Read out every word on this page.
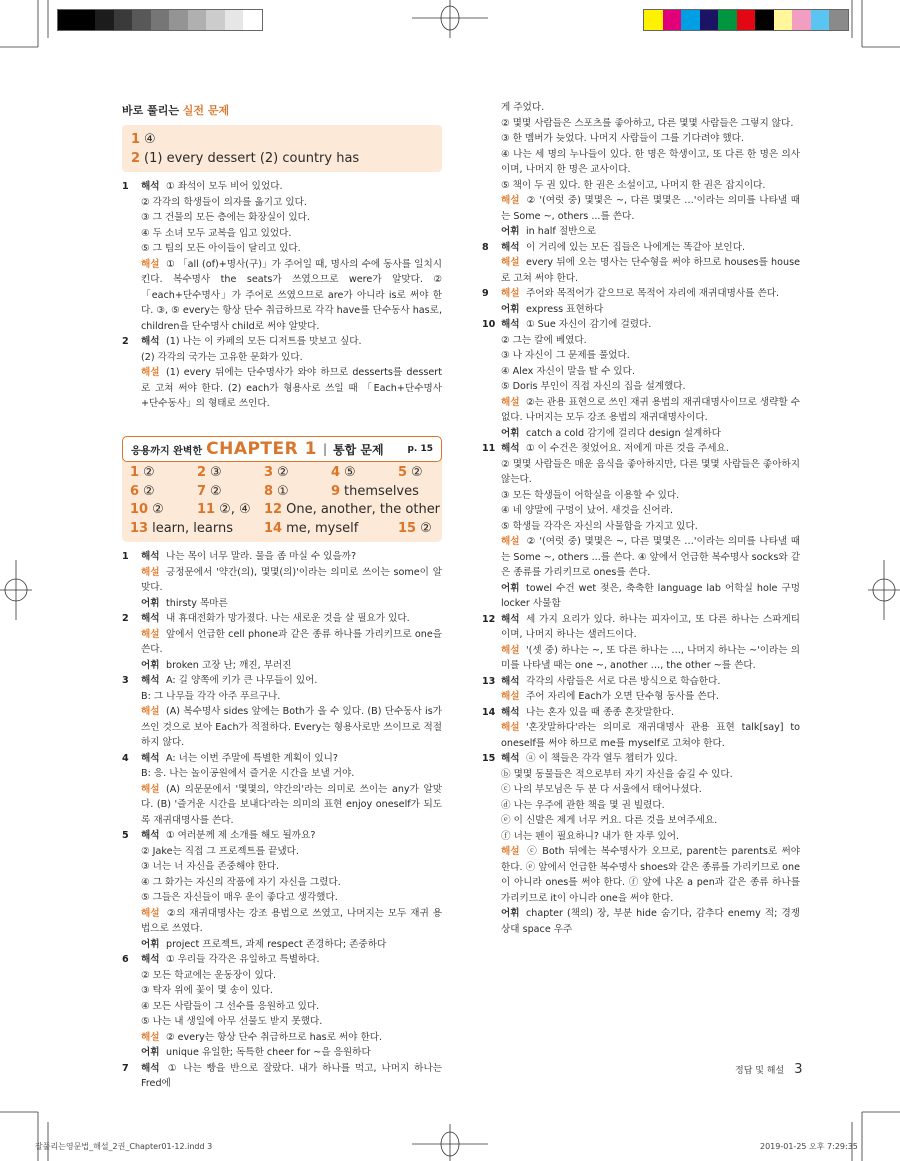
바로 풀리는 실전 문제
1 ④
2 (1) every dessert (2) country has
1	해석 ① 좌석이 모두 비어 있었다.
② 각각의 학생들이 의자를 옮기고 있다.
③ 그 건물의 모든 층에는 화장실이 있다.
④ 두 소녀 모두 교복을 입고 있었다.
⑤ 그 팀의 모든 아이들이 달리고 있다.
해설 ① 「all (of)+명사(구)」가 주어일 때, 명사의 수에 동사를 일치시킨다. 복수명사 the seats가 쓰였으므로 were가 알맞다. ② 「each+단수명사」가 주어로 쓰였으므로 are가 아니라 is로 써야 한다. ③, ⑤ every는 항상 단수 취급하므로 각각 have를 단수동사 has로, children을 단수명사 child로 써야 알맞다.
2	해석 (1) 나는 이 카페의 모든 디저트를 맛보고 싶다.
(2) 각각의 국가는 고유한 문화가 있다.
해설 (1) every 뒤에는 단수명사가 와야 하므로 desserts를 dessert로 고쳐 써야 한다. (2) each가 형용사로 쓰일 때 「Each+단수명사+단수동사」의 형태로 쓰인다.
응용까지 완벽한 CHAPTER 1 | 통합 문제	p. 15
1 ②	2 ③	3 ②	4 ⑤	5 ②
6 ②	7 ②	8 ①	9 themselves
10 ②	11 ②, ④	12 One, another, the other
13 learn, learns	14 me, myself	15 ②
1	해석 나는 목이 너무 말라. 물을 좀 마실 수 있을까?
해설 긍정문에서 '약간(의), 몇몇(의)'이라는 의미로 쓰이는 some이 알맞다.
어휘 thirsty 목마른
2	해석 내 휴대전화가 망가졌다. 나는 새로운 것을 살 필요가 있다.
해설 앞에서 언급한 cell phone과 같은 종류 하나를 가리키므로 one을 쓴다.
어휘 broken 고장 난; 깨진, 부러진
3	해석 A: 길 양쪽에 키가 큰 나무들이 있어.
B: 그 나무들 각각 아주 푸르구나.
해설 (A) 복수명사 sides 앞에는 Both가 올 수 있다. (B) 단수동사 is가 쓰인 것으로 보아 Each가 적절하다. Every는 형용사로만 쓰이므로 적절하지 않다.
4	해석 A: 너는 이번 주말에 특별한 계획이 있니?
B: 응. 나는 놀이공원에서 즐거운 시간을 보낼 거야.
해설 (A) 의문문에서 '몇몇의, 약간의'라는 의미로 쓰이는 any가 알맞다. (B) '즐거운 시간을 보내다'라는 의미의 표현 enjoy oneself가 되도록 재귀대명사를 쓴다.
5	해석 ① 여러분께 제 소개를 해도 될까요?
② Jake는 직접 그 프로젝트를 끝냈다.
③ 너는 너 자신을 존중해야 한다.
④ 그 화가는 자신의 작품에 자기 자신을 그렸다.
⑤ 그들은 자신들이 매우 운이 좋다고 생각했다.
해설 ②의 재귀대명사는 강조 용법으로 쓰였고, 나머지는 모두 재귀 용법으로 쓰였다.
어휘 project 프로젝트, 과제 respect 존경하다; 존중하다
6	해석 ① 우리들 각각은 유일하고 특별하다.
② 모든 학교에는 운동장이 있다.
③ 탁자 위에 꽃이 몇 송이 있다.
④ 모든 사람들이 그 선수를 응원하고 있다.
⑤ 나는 내 생일에 아무 선물도 받지 못했다.
해설 ② every는 항상 단수 취급하므로 has로 써야 한다.
어휘 unique 유일한; 독특한 cheer for ~을 응원하다
7	해석 ① 나는 빵을 반으로 잘랐다. 내가 하나를 먹고, 나머지 하나는 Fred에
게 주었다.
② 몇몇 사람들은 스포츠를 좋아하고, 다른 몇몇 사람들은 그렇지 않다.
③ 한 멤버가 늦었다. 나머지 사람들이 그를 기다려야 했다.
④ 나는 세 명의 누나들이 있다. 한 명은 학생이고, 또 다른 한 명은 의사이며, 나머지 한 명은 교사이다.
⑤ 책이 두 권 있다. 한 권은 소설이고, 나머지 한 권은 잡지이다.
해설 ② '(여럿 중) 몇몇은 ~, 다른 몇몇은 …'이라는 의미를 나타낼 때는 Some ~, others ...를 쓴다.
어휘 in half 절반으로
8	해석 이 거리에 있는 모든 집들은 나에게는 똑같아 보인다.
해설 every 뒤에 오는 명사는 단수형을 써야 하므로 houses를 house로 고쳐 써야 한다.
9	해설 주어와 목적어가 같으므로 목적어 자리에 재귀대명사를 쓴다.
어휘 express 표현하다
10 해석 ① Sue 자신이 감기에 걸렸다.
② 그는 칼에 베였다.
③ 나 자신이 그 문제를 풀었다.
④ Alex 자신이 말을 탈 수 있다.
⑤ Doris 부인이 직접 자신의 집을 설계했다.
해설 ②는 관용 표현으로 쓰인 재귀 용법의 재귀대명사이므로 생략할 수 없다. 나머지는 모두 강조 용법의 재귀대명사이다.
어휘 catch a cold 감기에 걸리다 design 설계하다
11 해석 ① 이 수건은 젖었어요. 저에게 마른 것을 주세요.
② 몇몇 사람들은 매운 음식을 좋아하지만, 다른 몇몇 사람들은 좋아하지 않는다.
③ 모든 학생들이 어학실을 이용할 수 있다.
④ 네 양말에 구멍이 났어. 새것을 신어라.
⑤ 학생들 각각은 자신의 사물함을 가지고 있다.
해설 ② '(여럿 중) 몇몇은 ~, 다른 몇몇은 …'이라는 의미를 나타낼 때는 Some ~, others ...를 쓴다. ④ 앞에서 언급한 복수명사 socks와 같은 종류를 가리키므로 ones를 쓴다.
어휘 towel 수건 wet 젖은, 축축한 language lab 어학실 hole 구멍 locker 사물함
12 해석 세 가지 요리가 있다. 하나는 피자이고, 또 다른 하나는 스파게티이며, 나머지 하나는 샐러드이다.
해설 '(셋 중) 하나는 ~, 또 다른 하나는 …, 나머지 하나는 ~'이라는 의미를 나타낼 때는 one ~, another …, the other ~를 쓴다.
13 해석 각각의 사람들은 서로 다른 방식으로 학습한다.
해설 주어 자리에 Each가 오면 단수형 동사를 쓴다.
14 해석 나는 혼자 있을 때 종종 혼잣말한다.
해설 '혼잣말하다'라는 의미로 재귀대명사 관용 표현 talk[say] to oneself를 써야 하므로 me를 myself로 고쳐야 한다.
15 해석 ⓐ 이 책들은 각각 열두 챕터가 있다.
ⓑ 몇몇 동물들은 적으로부터 자기 자신을 숨길 수 있다.
ⓒ 나의 부모님은 두 분 다 서울에서 태어나셨다.
ⓓ 나는 우주에 관한 책을 몇 권 빌렸다.
ⓔ 이 신발은 제게 너무 커요. 다른 것을 보여주세요.
ⓕ 너는 펜이 필요하니? 내가 한 자루 있어.
해설 ⓒ Both 뒤에는 복수명사가 오므로, parent는 parents로 써야 한다. ⓔ 앞에서 언급한 복수명사 shoes와 같은 종류를 가리키므로 one이 아니라 ones를 써야 한다. ⓕ 앞에 나온 a pen과 같은 종류 하나를 가리키므로 it이 아니라 one을 써야 한다.
어휘 chapter (책의) 장, 부분 hide 숨기다, 감추다 enemy 적; 경쟁 상대 space 우주
정답 및 해설 3
잘풀리는영문법_해설_2권_Chapter01-12.indd 3	2019-01-25 오후 7:29:35
